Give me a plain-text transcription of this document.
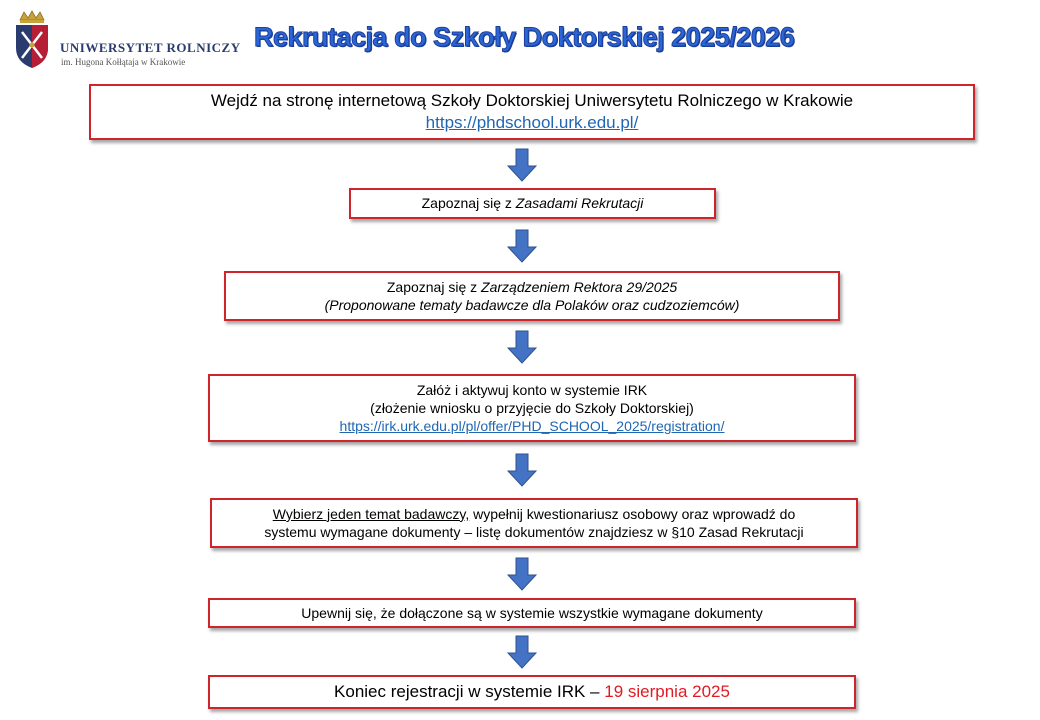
UNIWERSYTET ROLNICZY
im. Hugona Kołłątaja w Krakowie
Rekrutacja do Szkoły Doktorskiej 2025/2026
Wejdź na stronę internetową Szkoły Doktorskiej Uniwersytetu Rolniczego w Krakowie
https://phdschool.urk.edu.pl/
Zapoznaj się z Zasadami Rekrutacji
Zapoznaj się z Zarządzeniem Rektora 29/2025
(Proponowane tematy badawcze dla Polaków oraz cudzoziemców)
Załóż i aktywuj konto w systemie IRK
(złożenie wniosku o przyjęcie do Szkoły Doktorskiej)
https://irk.urk.edu.pl/pl/offer/PHD_SCHOOL_2025/registration/
Wybierz jeden temat badawczy, wypełnij kwestionariusz osobowy oraz wprowadź do
systemu wymagane dokumenty – listę dokumentów znajdziesz w §10 Zasad Rekrutacji
Upewnij się, że dołączone są w systemie wszystkie wymagane dokumenty
Koniec rejestracji w systemie IRK – 19 sierpnia 2025
